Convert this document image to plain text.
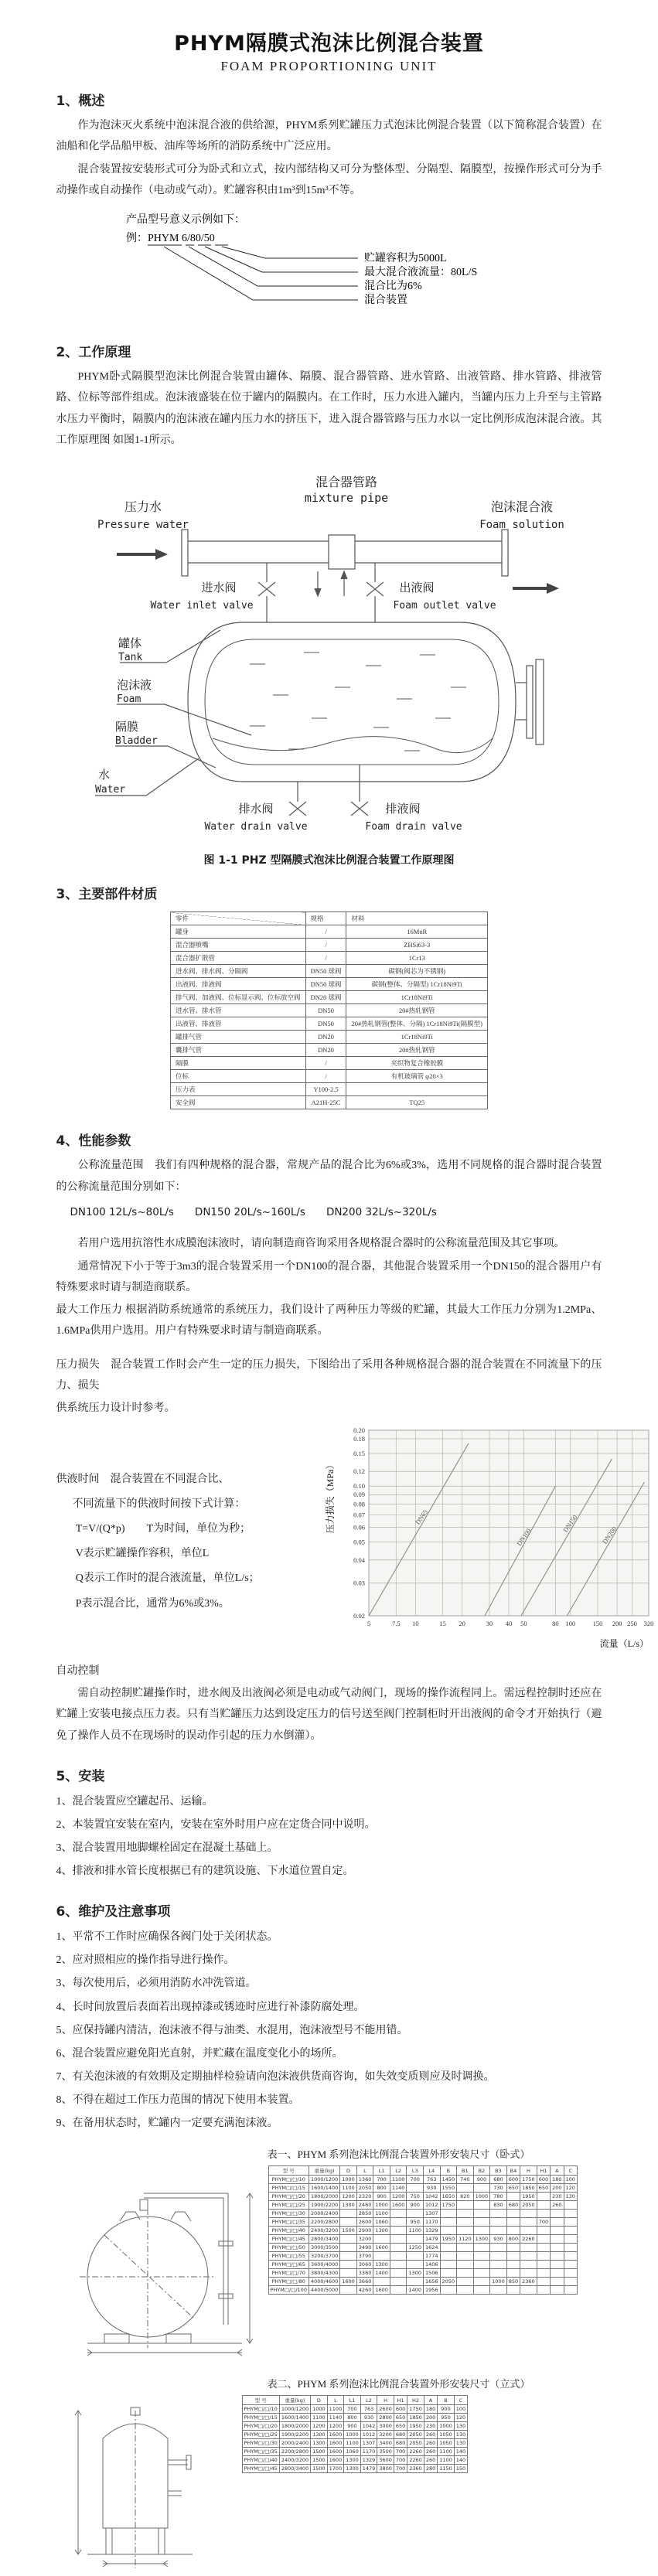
PHYM隔膜式泡沫比例混合装置
FOAM PROPORTIONING UNIT
1、概述

作为泡沫灭火系统中泡沫混合液的供给源，PHYM系列贮罐压力式泡沫比例混合装置（以下简称混合装置）在油船和化学品船甲板、油库等场所的消防系统中广泛应用。

混合装置按安装形式可分为卧式和立式，按内部结构又可分为整体型、分隔型、隔膜型，按操作形式可分为手动操作或自动操作（电动或气动）。贮罐容积由1m³到15m³不等。

产品型号意义示例如下：
例：PHYM 6/80/50
贮罐容积为5000L
最大混合液流量：80L/S
混合比为6%
混合装置
2、工作原理

PHYM卧式隔膜型泡沫比例混合装置由罐体、隔膜、混合器管路、进水管路、出液管路、排水管路、排液管路、位标等部件组成。泡沫液盛装在位于罐内的隔膜内。在工作时，压力水进入罐内，当罐内压力上升至与主管路水压力平衡时，隔膜内的泡沫液在罐内压力水的挤压下，进入混合器管路与压力水以一定比例形成泡沫混合液。其工作原理图 如图1-1所示。

混合器管路
mixture pipe
压力水
Pressure water
泡沫混合液
Foam solution
进水阀
Water inlet valve
出液阀
Foam outlet valve
罐体
Tank
泡沫液
Foam
隔膜
Bladder
水
Water
排水阀
Water drain valve
排液阀
Foam drain valve
图 1-1 PHZ 型隔膜式泡沫比例混合装置工作原理图
3、主要部件材质
零件	规格	材料
罐身	/	16MnR
混合器喷嘴	/	ZHSi63-3
混合器扩散管	/	1Cr13
进水阀、排水阀、分隔阀	DN50 球阀	碳钢(阀芯为不锈钢)
出液阀、排液阀	DN50 球阀	碳钢(整体、分隔型) 1Cr18Ni9Ti
排气阀、加液阀、位标显示阀、位标放空阀	DN20 球阀	1Cr18Ni9Ti
进水管、排水管	DN50	20#热轧钢管
出液管、排液管	DN50	20#热轧钢管(整体、分隔) 1Cr18Ni9Ti(隔膜型)
罐排气管	DN20	1Cr18Ni9Ti
囊排气管	DN20	20#热轧钢管
隔膜	/	夹织物复合橡胶膜
位标	/	有机玻璃管 φ20×3
压力表	Y100-2.5	
安全阀	A21H-25C	TQ25
4、性能参数

公称流量范围　我们有四种规格的混合器，常规产品的混合比为6%或3%，选用不同规格的混合器时混合装置的公称流量范围分别如下：

DN100 12L/s~80L/s　　DN150 20L/s~160L/s　　DN200 32L/s~320L/s

若用户选用抗溶性水成膜泡沫液时，请向制造商咨询采用各规格混合器时的公称流量范围及其它事项。

通常情况下小于等于3m3的混合装置采用一个DN100的混合器，其他混合装置采用一个DN150的混合器用户有特殊要求时请与制造商联系。

最大工作压力 根据消防系统通常的系统压力，我们设计了两种压力等级的贮罐，其最大工作压力分别为1.2MPa、1.6MPa供用户选用。用户有特殊要求时请与制造商联系。

压力损失　混合装置工作时会产生一定的压力损失，下图给出了采用各种规格混合器的混合装置在不同流量下的压力、损失

供系统压力设计时参考。

供液时间　混合装置在不同混合比、

不同流量下的供液时间按下式计算：

T=V/(Q*p)　　T为时间，单位为秒；

V表示贮罐操作容积，单位L

Q表示工作时的混合液流量，单位L/s；

P表示混合比，通常为6%或3%。

5	7.5 10	15 20	30 40 50	80 100	150 200 250 320
0.02
0.03
0.04
0.05
0.06
0.07
0.08
0.09
0.10
0.12
0.15
0.18
0.20
DN65
DN100
DN150
DN200
流量（L/s）
压力损失（MPa）

自动控制

需自动控制贮罐操作时，进水阀及出液阀必须是电动或气动阀门，现场的操作流程同上。需远程控制时还应在贮罐上安装电接点压力表。只有当贮罐压力达到设定压力的信号送至阀门控制柜时开出液阀的命令才开始执行（避免了操作人员不在现场时的误动作引起的压力水倒灌）。

5、安装

1、混合装置应空罐起吊、运输。

2、本装置宜安装在室内，安装在室外时用户应在定货合同中说明。

3、混合装置用地脚螺栓固定在混凝土基础上。

4、排液和排水管长度根据已有的建筑设施、下水道位置自定。

6、维护及注意事项

1、平常不工作时应确保各阀门处于关闭状态。

2、应对照相应的操作指导进行操作。

3、每次使用后，必须用消防水冲洗管道。

4、长时间放置后表面若出现掉漆或锈迹时应进行补漆防腐处理。

5、应保持罐内清洁，泡沫液不得与油类、水混用，泡沫液型号不能用错。

6、混合装置应避免阳光直射，并贮藏在温度变化小的场所。

7、有关泡沫液的有效期及定期抽样检验请向泡沫液供货商咨询，如失效变质则应及时调换。

8、不得在超过工作压力范围的情况下使用本装置。

9、在备用状态时，贮罐内一定要充满泡沫液。

表一、PHYM 系列泡沫比例混合装置外形安装尺寸（卧式）
型 号	重量(kg)	D	L	L1	L2	L3	L4	B	B1	B2	B3	B4	H	H1	A	C
PHYM□/□/10	1000/1200	1000	1360	700	1100	700	763	1450	740	900	680	600	1750	600	180	100
PHYM□/□/15	1600/1400	1100	2050	800	1140		930	1550			730	650	1850	650	200	120
PHYM□/□/20	1800/2000	1200	2320	900	1200	750	1042	1650	820	1000	780		1950		230	130
PHYM□/□/25	1900/2200	1300	2460	1000	1600	900	1012	1750			830	680	2050		260	
PHYM□/□/30	2000/2400		2850	1100			1307									
PHYM□/□/35	2200/2800		2600	1060		950	1170							700		
PHYM□/□/40	2400/3200	1500	2900	1300		1100	1329									
PHYM□/□/45	2800/3400		3200				1479	1950	1120	1300	930	800	2260			
PHYM□/□/50	3000/3500		3490	1600		1250	1624									
PHYM□/□/55	3200/3700		3790				1774									
PHYM□/□/65	3600/4000		3060	1300			1406									
PHYM□/□/70	3800/4300		3360	1400		1300	1506									
PHYM□/□/80	4000/4600	1600	3660				1656	2050			1000	850	2360			
PHYM□/□/100	4400/5000		4260	1600		1400	1956									
表二、PHYM 系列泡沫比例混合装置外形安装尺寸（立式）
型 号	重量(kg)	D	L	L1	L2	H	H1	H2	A	B	C
PHYM□/□/10	1000/1200	1000	1100	700	763	2600	600	1750	180	900	100
PHYM□/□/15	1600/1400	1100	1140	800	930	2800	650	1850	200	950	120
PHYM□/□/20	1800/2000	1200	1200	900	1042	3000	650	1950	230	1000	130
PHYM□/□/25	1900/2200	1300	1600	1000	1012	3200	680	2050	260	1050	130
PHYM□/□/30	2000/2400	1300	1600	1100	1307	3400	680	2050	260	1050	130
PHYM□/□/35	2200/2800	1500	1600	1060	1170	3500	700	2260	260	1100	140
PHYM□/□/40	2400/3200	1500	1600	1300	1329	3600	700	2260	260	1100	140
PHYM□/□/45	2800/3400	1500	1700	1300	1479	3800	700	2360	280	1150	150
